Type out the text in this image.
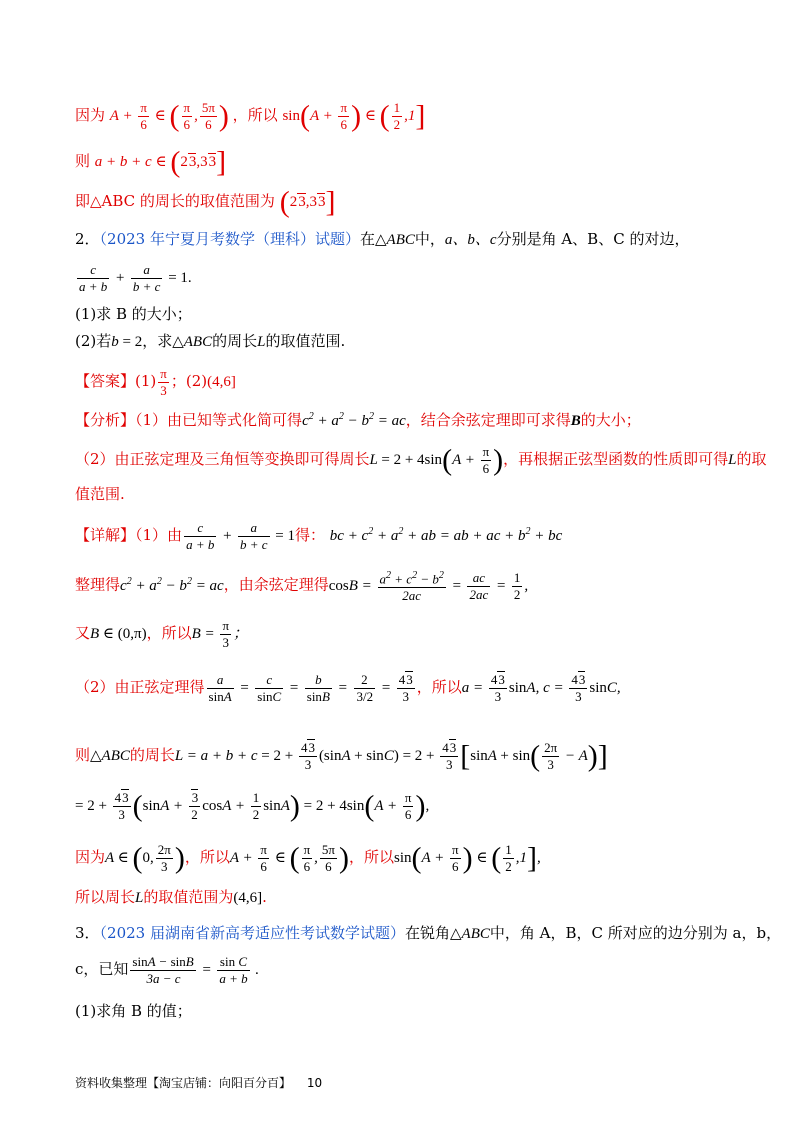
因为 $A + \frac{\pi}{6}$ ∈ ( $\frac{\pi}{6}$ , $\frac{5\pi}{6}$ ) ，所以 $\sin(A + \frac{\pi}{6}$ ) ∈ ( $\frac{1}{2} ,1$]
则 a + b + c ∈ (23,33]
即△ABC 的周长的取值范围为 (23,33]
2．（2023 年宁夏月考数学（理科）试题）在△ABC中，a、b、c分别是角 A、B、C 的对边，
$\frac{c}{a + b} + \frac{a}{b + c} = 1$.
(1)求 B 的大小；
(2)若b = 2，求△ABC的周长L的取值范围.
【答案】$(1) \frac{\pi}{3}$ ；(2)(4,6]
【分析】（1）由已知等式化简可得$c^2 + a^2 - b^2$ = ac，结合余弦定理即可求得B的大小；
（2）由正弦定理及三角恒等变换即可得周长$L = 2 + 4\sin(A + \frac{\pi}{6}$ )，再根据正弦型函数的性质即可得L的取
值范围.
【详解】（1）由 $\frac{c}{a + b} + \frac{a}{b + c} = 1$得： bc + $c^2 + a^2$ + ab = ab + ac + $b^2$ + bc
整理得$c^2 + a^2 - b^2$ = ac，由余弦定理得$\cos B = \frac{a^2 + c^2 - b^2}{2ac} = \frac{ac}{2ac} = \frac{1}{2}$ ,
又B ∈ (0,π)，所以$B = \frac{\pi}{3}$ ；
（2）由正弦定理得 $\frac{a}{\sin A} = \frac{c}{\sin C} = \frac{b}{\sin B} = \frac{2}{3/2} = \frac{43}{3}$ ，所以$a = \frac{43}{3} \sin A$, $c = \frac{43}{3} \sin C$,
则△ABC的周长$L = a + b + c = 2 + \frac{43}{3} (\sin A + \sin C) = 2 + \frac{43}{3} [\sin A + \sin( \frac{2\pi}{3} - A)]$
= $2 + \frac{43}{3} (\sin A + \frac{3}{2}$ $\cos A + \frac{1}{2} \sin A) = 2 + 4\sin(A + \frac{\pi}{6}$ ),
因为A ∈ (0, $\frac{2\pi}{3}$ )，所以$A + \frac{\pi}{6}$ ∈ ( $\frac{\pi}{6}$ , $\frac{5\pi}{6}$ )，所以$\sin(A + \frac{\pi}{6}$ ) ∈ ( $\frac{1}{2} ,1$],
所以周长L的取值范围为(4,6].
3．（2023 届湖南省新高考适应性考试数学试题）在锐角△ABC中，角 A，B，C 所对应的边分别为 a，b，
c，已知 $\frac{\sin A - \sin B}{3a - c} = \frac{\text{sin C}}{a + b}$ .
(1)求角 B 的值；
资料收集整理【淘宝店铺：向阳百分百】 10
